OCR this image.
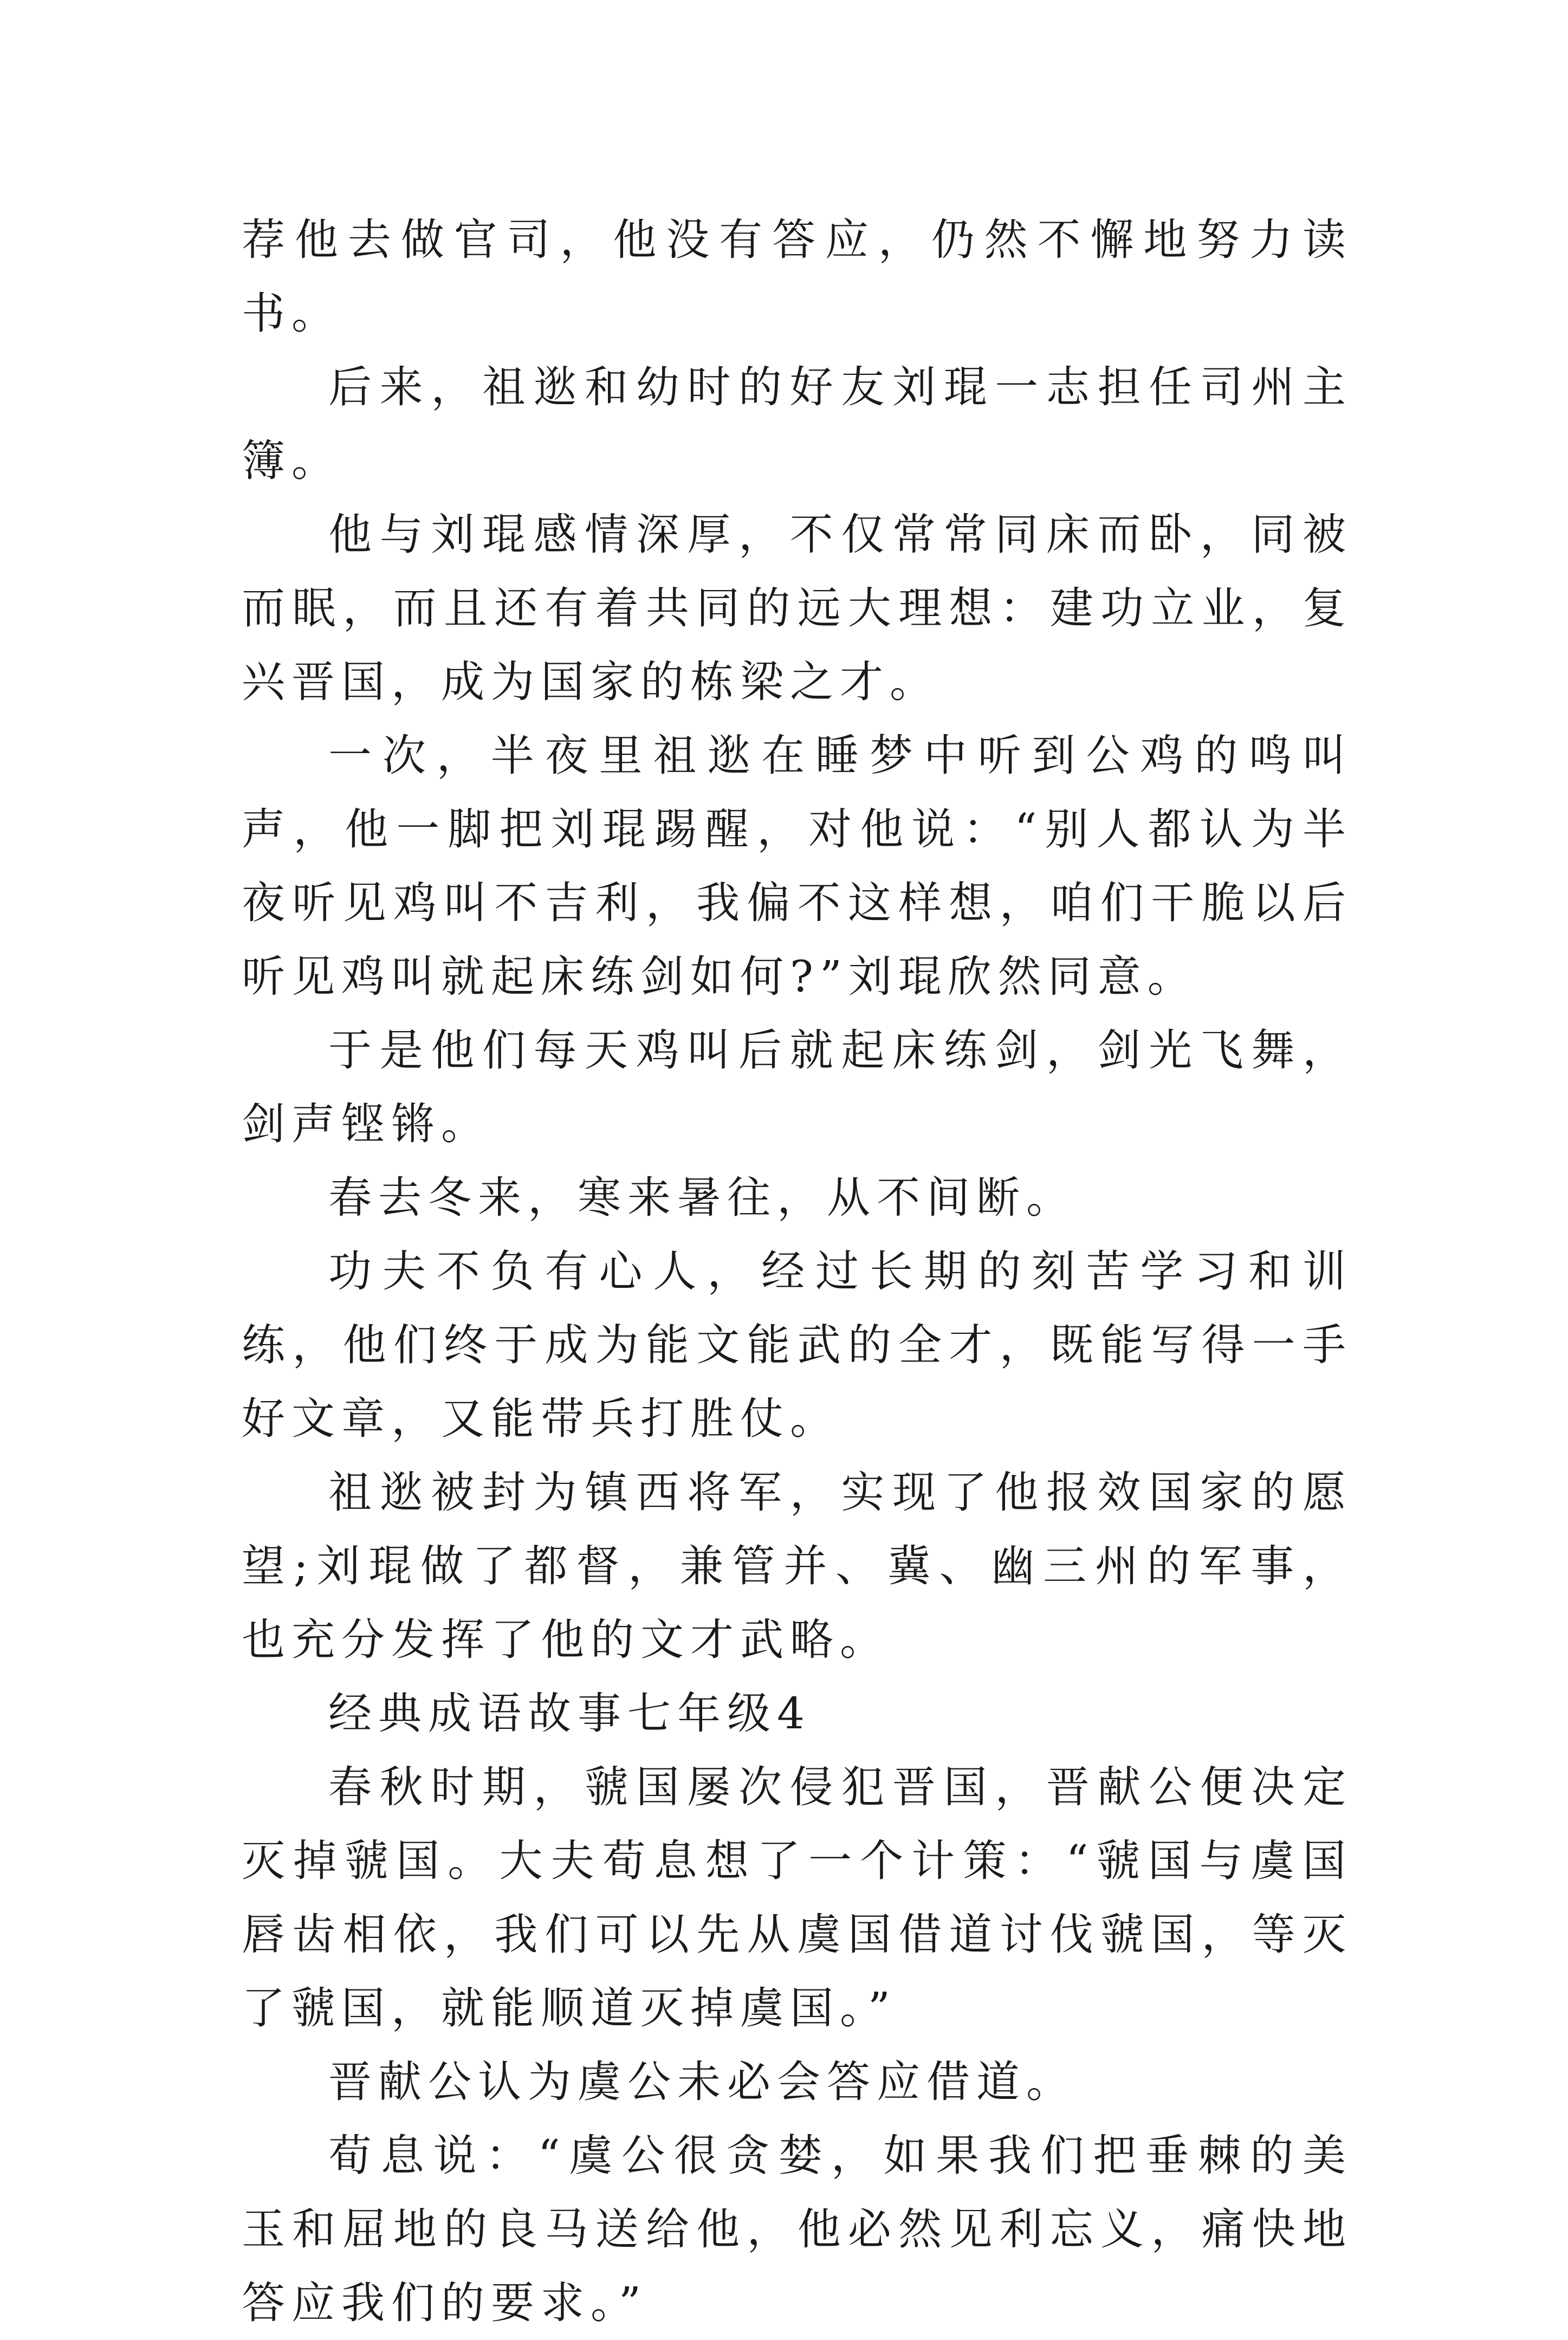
荐他去做官司，他没有答应，仍然不懈地努力读书。

后来，祖逖和幼时的好友刘琨一志担任司州主簿。

他与刘琨感情深厚，不仅常常同床而卧，同被而眠，而且还有着共同的远大理想：建功立业，复兴晋国，成为国家的栋梁之才。

一次，半夜里祖逖在睡梦中听到公鸡的鸣叫声，他一脚把刘琨踢醒，对他说：“别人都认为半夜听见鸡叫不吉利，我偏不这样想，咱们干脆以后听见鸡叫就起床练剑如何?”刘琨欣然同意。

于是他们每天鸡叫后就起床练剑，剑光飞舞，剑声铿锵。

春去冬来，寒来暑往，从不间断。

功夫不负有心人，经过长期的刻苦学习和训练，他们终于成为能文能武的全才，既能写得一手好文章，又能带兵打胜仗。

祖逖被封为镇西将军，实现了他报效国家的愿望;刘琨做了都督，兼管并、冀、幽三州的军事，也充分发挥了他的文才武略。

经典成语故事七年级4

春秋时期，虢国屡次侵犯晋国，晋献公便决定灭掉虢国。大夫荀息想了一个计策：“虢国与虞国唇齿相依，我们可以先从虞国借道讨伐虢国，等灭了虢国，就能顺道灭掉虞国。”

晋献公认为虞公未必会答应借道。

荀息说：“虞公很贪婪，如果我们把垂棘的美玉和屈地的良马送给他，他必然见利忘义，痛快地答应我们的要求。”
